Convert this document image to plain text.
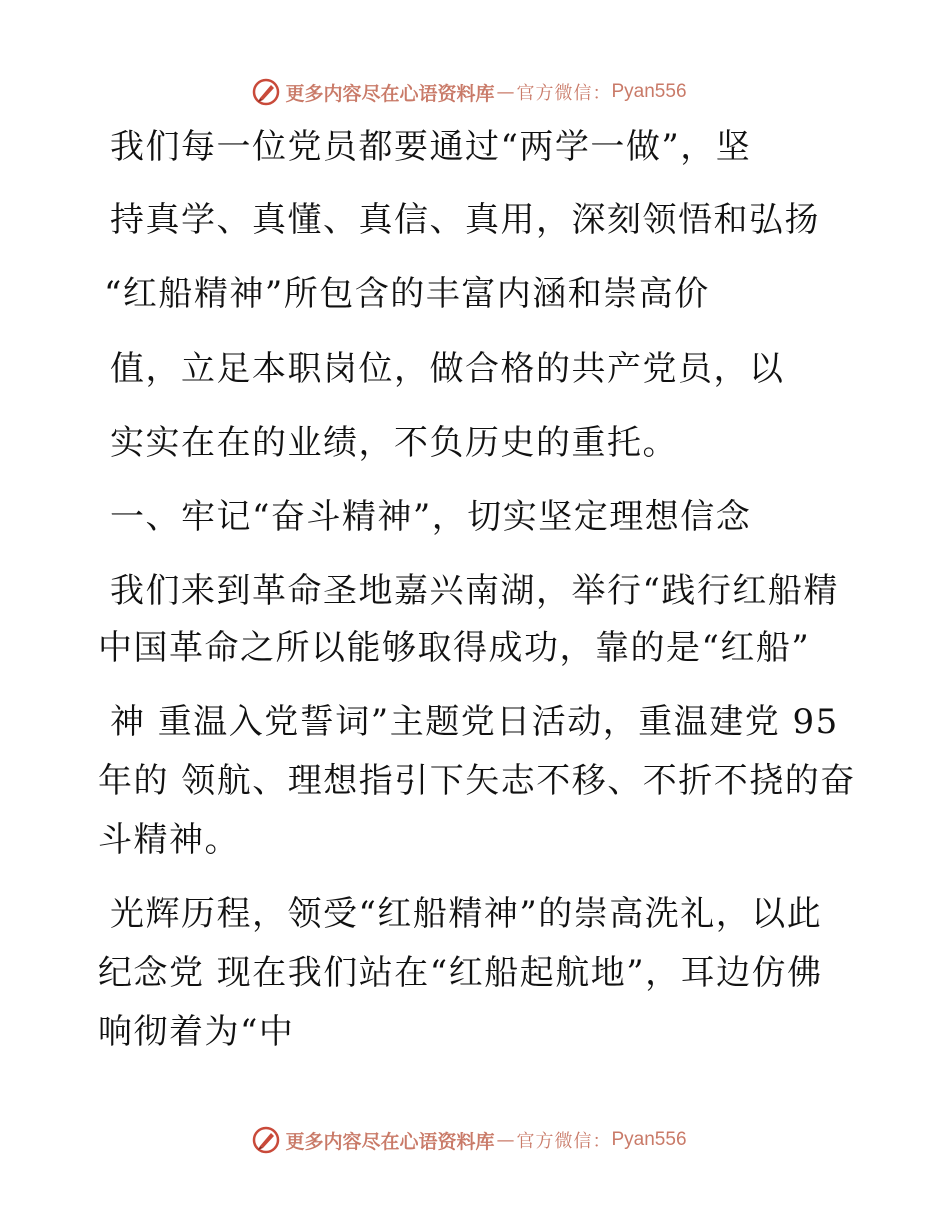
更多内容尽在心语资料库 — 官方微信： Pyan556
我们每一位党员都要通过“两学一做”，坚
持真学、真懂、真信、真用，深刻领悟和弘扬
“红船精神”所包含的丰富内涵和崇高价
值，立足本职岗位，做合格的共产党员，以
实实在在的业绩，不负历史的重托。
一、牢记“奋斗精神”，切实坚定理想信念
我们来到革命圣地嘉兴南湖，举行“践行红船精
中国革命之所以能够取得成功，靠的是“红船”
神 重温入党誓词”主题党日活动，重温建党 95
年的 领航、理想指引下矢志不移、不折不挠的奋
斗精神。
光辉历程，领受“红船精神”的崇高洗礼，以此
纪念党 现在我们站在“红船起航地”，耳边仿佛
响彻着为“中
更多内容尽在心语资料库 — 官方微信： Pyan556
